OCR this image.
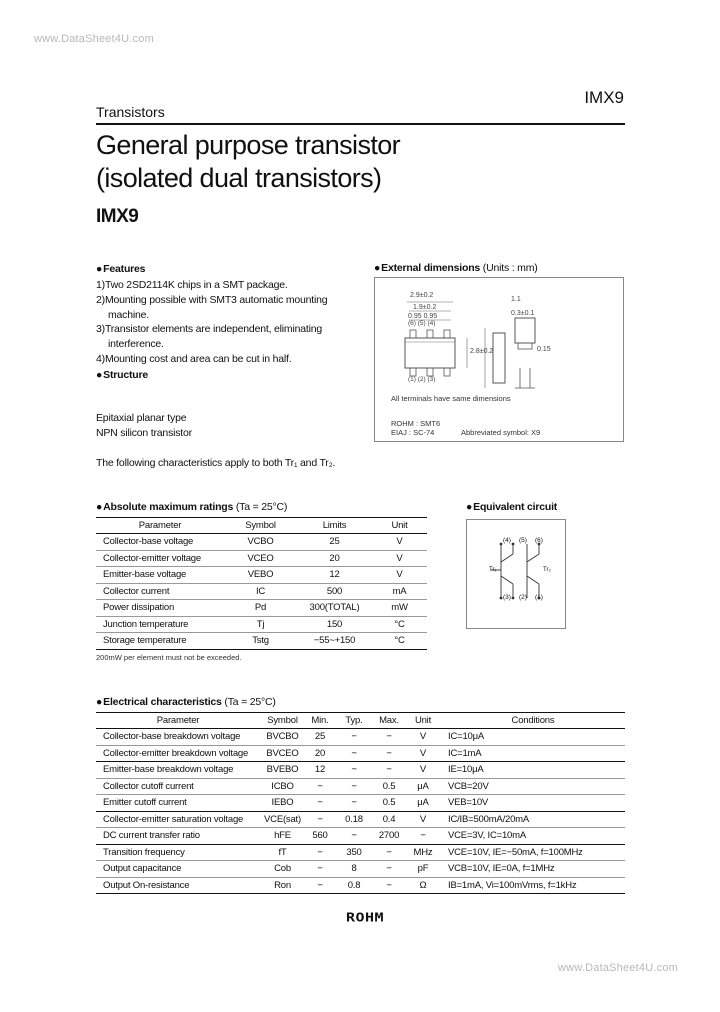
www.DataSheet4U.com
IMX9
Transistors
General purpose transistor
(isolated dual transistors)
IMX9
●Features
1)Two 2SD2114K chips in a SMT package.
2)Mounting possible with SMT3 automatic mounting
machine.
3)Transistor elements are independent, eliminating
interference.
4)Mounting cost and area can be cut in half.
●Structure
Epitaxial planar type
NPN silicon transistor
The following characteristics apply to both Tr₁ and Tr₂.
●External dimensions (Units : mm)
2.9±0.2
1.9±0.2
0.95 0.95
1.1
0.3±0.1
0.15
2.8±0.2
(6) (5) (4)
(1) (2) (3)
All terminals have same dimensions
ROHM : SMT6
EIAJ : SC-74	Abbreviated symbol: X9
●Absolute maximum ratings (Ta = 25°C)
Parameter	Symbol	Limits	Unit
Collector-base voltage	VCBO	25	V
Collector-emitter voltage	VCEO	20	V
Emitter-base voltage	VEBO	12	V
Collector current	IC	500	mA
Power dissipation	Pd	300(TOTAL)	mW
Junction temperature	Tj	150	°C
Storage temperature	Tstg	−55~+150	°C
200mW per element must not be exceeded.
●Equivalent circuit
(4) (5) (6)
(3) (2) (1)
Tr₁	Tr₂
●Electrical characteristics (Ta = 25°C)
Parameter	Symbol	Min.	Typ.	Max.	Unit	Conditions
Collector-base breakdown voltage	BVCBO	25	−	−	V	IC=10μA
Collector-emitter breakdown voltage	BVCEO	20	−	−	V	IC=1mA
Emitter-base breakdown voltage	BVEBO	12	−	−	V	IE=10μA
Collector cutoff current	ICBO	−	−	0.5	μA	VCB=20V
Emitter cutoff current	IEBO	−	−	0.5	μA	VEB=10V
Collector-emitter saturation voltage	VCE(sat)	−	0.18	0.4	V	IC/IB=500mA/20mA
DC current transfer ratio	hFE	560	−	2700	−	VCE=3V, IC=10mA
Transition frequency	fT	−	350	−	MHz	VCE=10V, IE=−50mA, f=100MHz
Output capacitance	Cob	−	8	−	pF	VCB=10V, IE=0A, f=1MHz
Output On-resistance	Ron	−	0.8	−	Ω	IB=1mA, Vi=100mVrms, f=1kHz
ROHM
www.DataSheet4U.com
